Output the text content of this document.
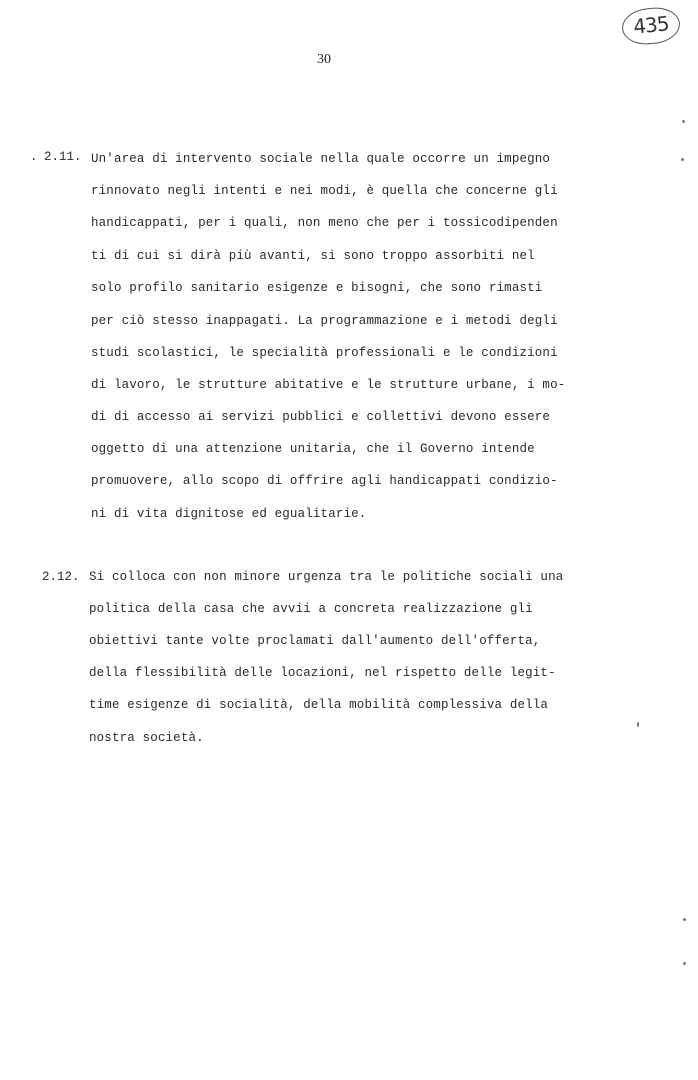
435
30
. 2.11. Un'area di intervento sociale nella quale occorre un impegno
rinnovato negli intenti e nei modi, è quella che concerne gli
handicappati, per i quali, non meno che per i tossicodipenden
ti di cui si dirà più avanti, si sono troppo assorbiti nel
solo profilo sanitario esigenze e bisogni, che sono rimasti
per ciò stesso inappagati. La programmazione e i metodi degli
studi scolastici, le specialità professionali e le condizioni
di lavoro, le strutture abitative e le strutture urbane, i mo-
di di accesso ai servizi pubblici e collettivi devono essere
oggetto di una attenzione unitaria, che il Governo intende
promuovere, allo scopo di offrire agli handicappati condizio-
ni di vita dignitose ed egualitarie.
2.12. Si colloca con non minore urgenza tra le politiche sociali una
politica della casa che avvii a concreta realizzazione gli
obiettivi tante volte proclamati dall'aumento dell'offerta,
della flessibilità delle locazioni, nel rispetto delle legit-
time esigenze di socialità, della mobilità complessiva della
nostra società.
